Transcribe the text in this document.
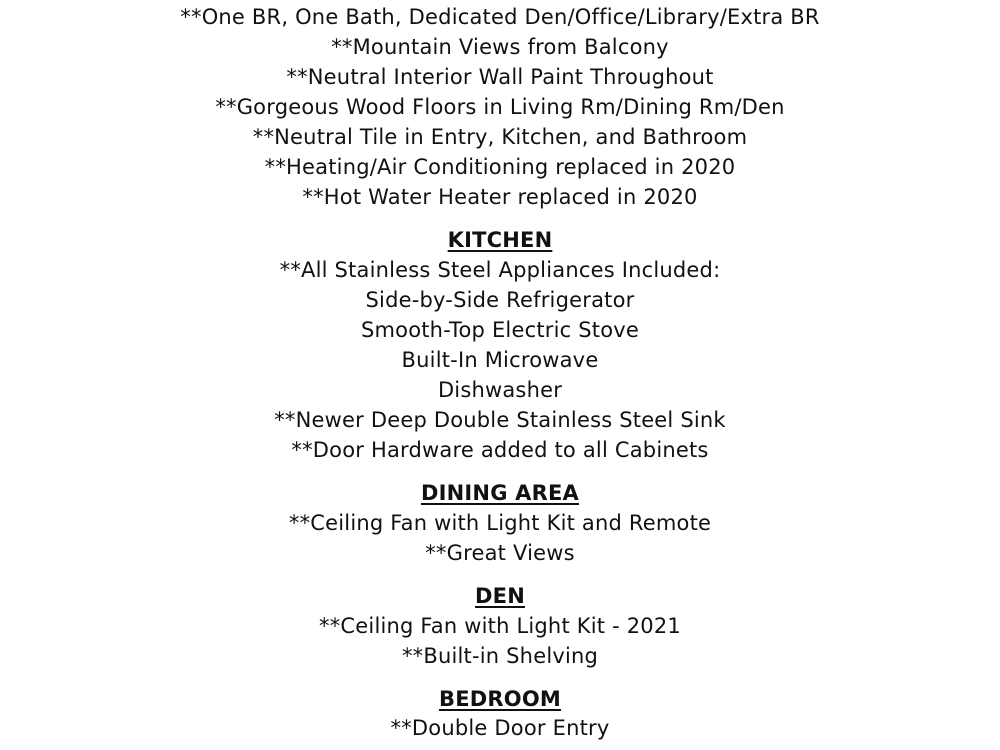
**One BR, One Bath, Dedicated Den/Office/Library/Extra BR
**Mountain Views from Balcony
**Neutral Interior Wall Paint Throughout
**Gorgeous Wood Floors in Living Rm/Dining Rm/Den
**Neutral Tile in Entry, Kitchen, and Bathroom
**Heating/Air Conditioning replaced in 2020
**Hot Water Heater replaced in 2020
KITCHEN
**All Stainless Steel Appliances Included:
Side-by-Side Refrigerator
Smooth-Top Electric Stove
Built-In Microwave
Dishwasher
**Newer Deep Double Stainless Steel Sink
**Door Hardware added to all Cabinets
DINING AREA
**Ceiling Fan with Light Kit and Remote
**Great Views
DEN
**Ceiling Fan with Light Kit - 2021
**Built-in Shelving
BEDROOM
**Double Door Entry
